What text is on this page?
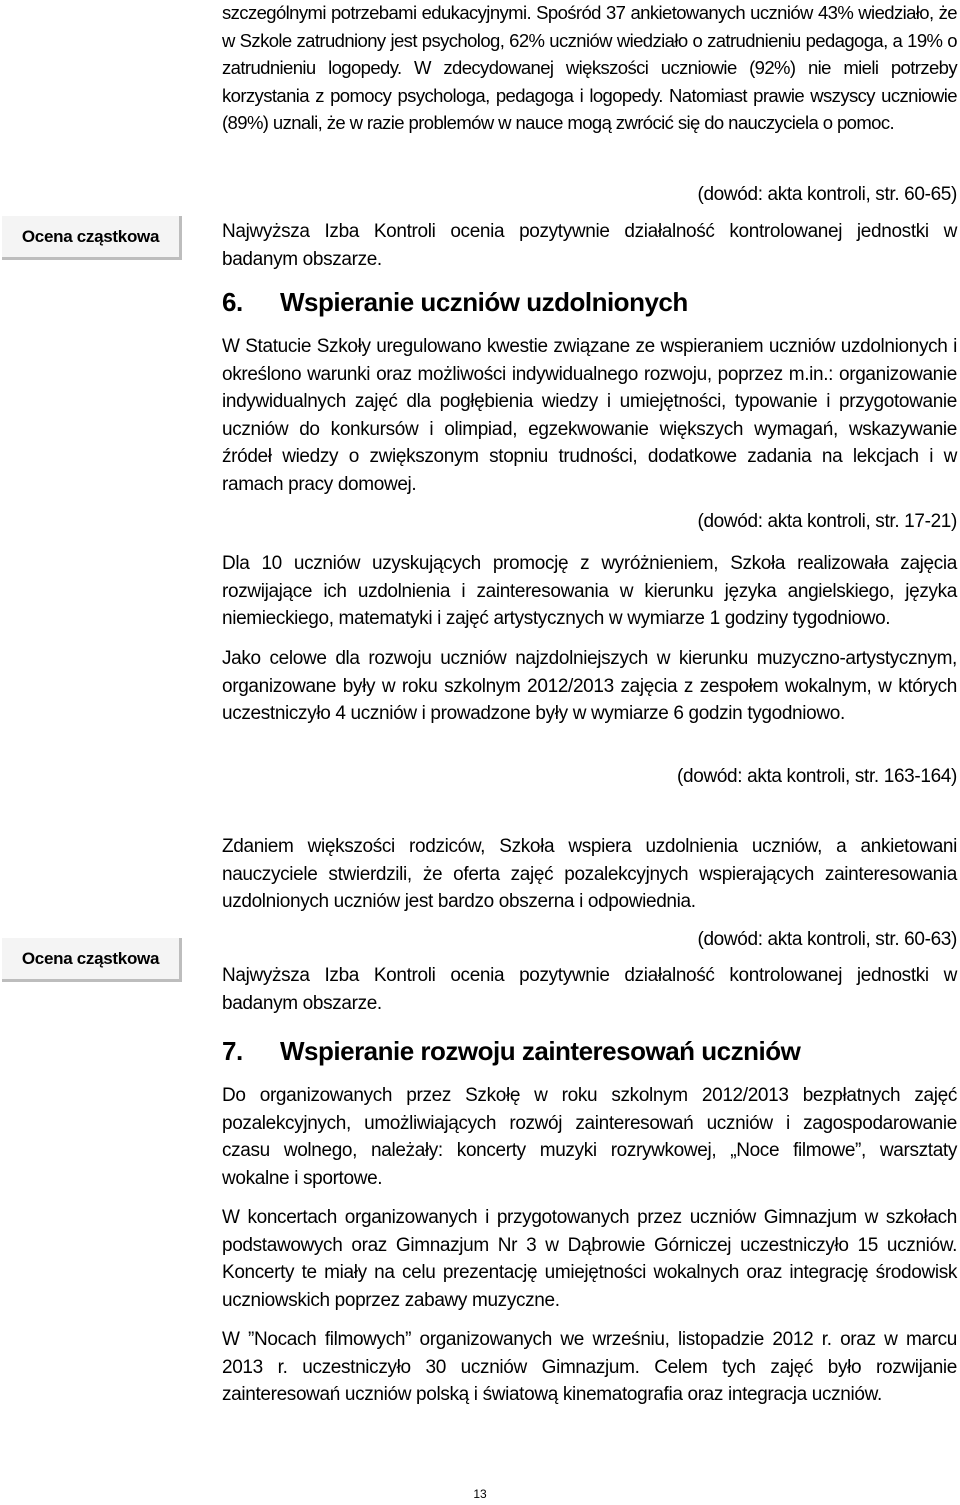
szczególnymi potrzebami edukacyjnymi. Spośród 37 ankietowanych uczniów 43% wiedziało, że w Szkole zatrudniony jest psycholog, 62% uczniów wiedziało o zatrudnieniu pedagoga, a 19% o zatrudnieniu logopedy. W zdecydowanej większości uczniowie (92%) nie mieli potrzeby korzystania z pomocy psychologa, pedagoga i logopedy. Natomiast prawie wszyscy uczniowie (89%) uznali, że w razie problemów w nauce mogą zwrócić się do nauczyciela o pomoc.

(dowód: akta kontroli, str. 60-65)
Ocena cząstkowa	Najwyższa Izba Kontroli ocenia pozytywnie działalność kontrolowanej jednostki w badanym obszarze.

6. Wspieranie uczniów uzdolnionych

W Statucie Szkoły uregulowano kwestie związane ze wspieraniem uczniów uzdolnionych i określono warunki oraz możliwości indywidualnego rozwoju, poprzez m.in.: organizowanie indywidualnych zajęć dla pogłębienia wiedzy i umiejętności, typowanie i przygotowanie uczniów do konkursów i olimpiad, egzekwowanie większych wymagań, wskazywanie źródeł wiedzy o zwiększonym stopniu trudności, dodatkowe zadania na lekcjach i w ramach pracy domowej.

(dowód: akta kontroli, str. 17-21)

Dla 10 uczniów uzyskujących promocję z wyróżnieniem, Szkoła realizowała zajęcia rozwijające ich uzdolnienia i zainteresowania w kierunku języka angielskiego, języka niemieckiego, matematyki i zajęć artystycznych w wymiarze 1 godziny tygodniowo.

Jako celowe dla rozwoju uczniów najzdolniejszych w kierunku muzyczno-artystycznym, organizowane były w roku szkolnym 2012/2013 zajęcia z zespołem wokalnym, w których uczestniczyło 4 uczniów i prowadzone były w wymiarze 6 godzin tygodniowo.

(dowód: akta kontroli, str. 163-164)

Zdaniem większości rodziców, Szkoła wspiera uzdolnienia uczniów, a ankietowani nauczyciele stwierdzili, że oferta zajęć pozalekcyjnych wspierających zainteresowania uzdolnionych uczniów jest bardzo obszerna i odpowiednia.

(dowód: akta kontroli, str. 60-63)
Ocena cząstkowa

Najwyższa Izba Kontroli ocenia pozytywnie działalność kontrolowanej jednostki w badanym obszarze.

7. Wspieranie rozwoju zainteresowań uczniów

Do organizowanych przez Szkołę w roku szkolnym 2012/2013 bezpłatnych zajęć pozalekcyjnych, umożliwiających rozwój zainteresowań uczniów i zagospodarowanie czasu wolnego, należały: koncerty muzyki rozrywkowej, „Noce filmowe”, warsztaty wokalne i sportowe.

W koncertach organizowanych i przygotowanych przez uczniów Gimnazjum w szkołach podstawowych oraz Gimnazjum Nr 3 w Dąbrowie Górniczej uczestniczyło 15 uczniów. Koncerty te miały na celu prezentację umiejętności wokalnych oraz integrację środowisk uczniowskich poprzez zabawy muzyczne.

W ”Nocach filmowych” organizowanych we wrześniu, listopadzie 2012 r. oraz w marcu 2013 r. uczestniczyło 30 uczniów Gimnazjum. Celem tych zajęć było rozwijanie zainteresowań uczniów polską i światową kinematografia oraz integracja uczniów.

13
